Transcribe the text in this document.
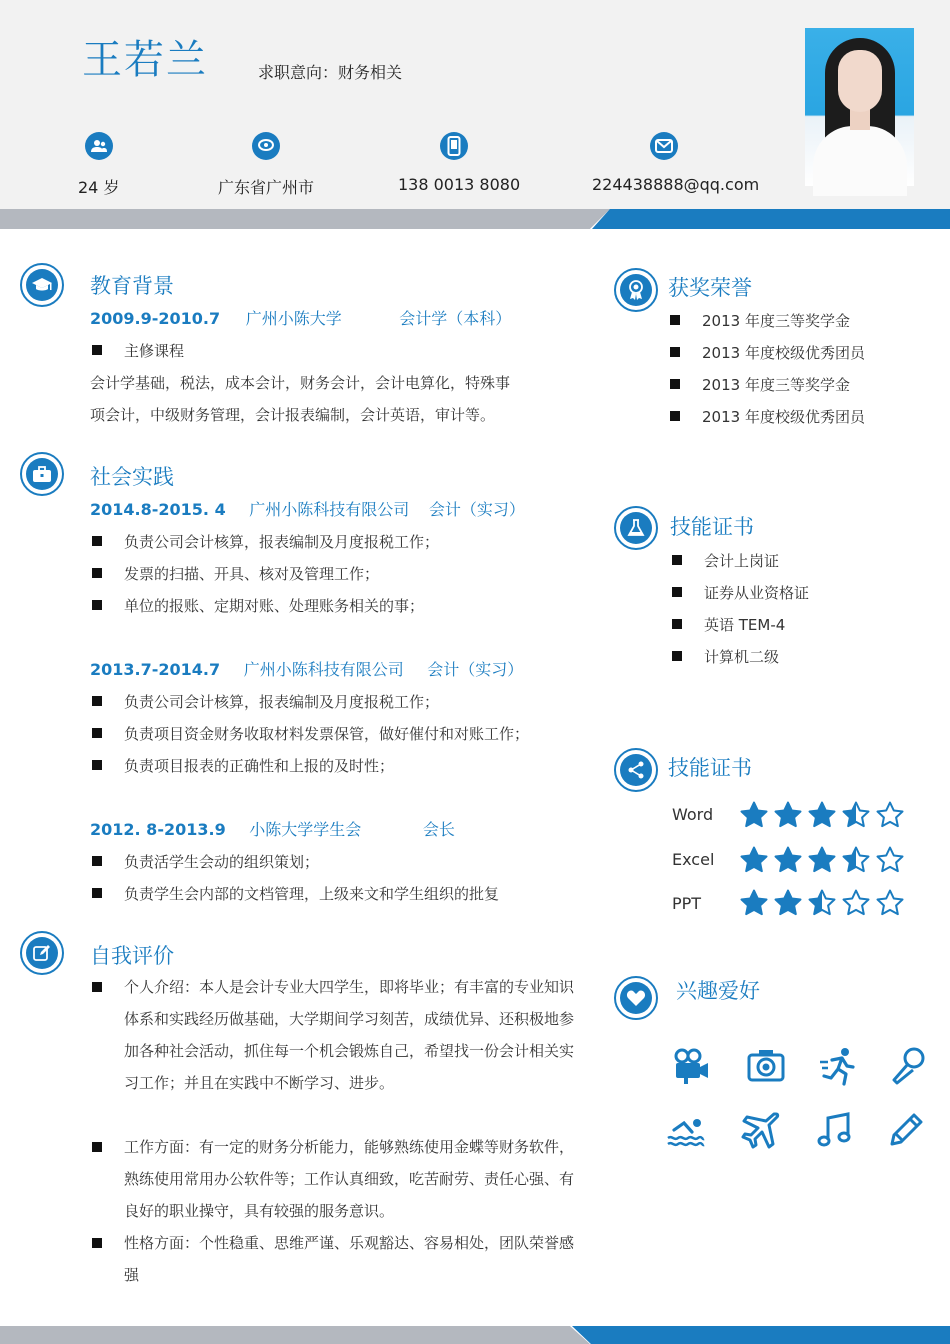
王若兰	求职意向：财务相关
24 岁	广东省广州市	138 0013 8080	224438888@qq.com
教育背景
2009.9-2010.7 广州小陈大学	会计学（本科）
主修课程
会计学基础，税法，成本会计，财务会计，会计电算化，特殊事
项会计，中级财务管理，会计报表编制，会计英语，审计等。
社会实践
2014.8-2015. 4 广州小陈科技有限公司 会计（实习）
负责公司会计核算，报表编制及月度报税工作；
发票的扫描、开具、核对及管理工作；
单位的报账、定期对账、处理账务相关的事；
2013.7-2014.7 广州小陈科技有限公司 会计（实习）
负责公司会计核算，报表编制及月度报税工作；
负责项目资金财务收取材料发票保管，做好催付和对账工作；
负责项目报表的正确性和上报的及时性；
2012. 8-2013.9 小陈大学学生会	会长
负责活学生会动的组织策划；
负责学生会内部的文档管理，上级来文和学生组织的批复
自我评价
个人介绍：本人是会计专业大四学生，即将毕业；有丰富的专业知识体系和实践经历做基础，大学期间学习刻苦，成绩优异、还积极地参加各种社会活动，抓住每一个机会锻炼自己，希望找一份会计相关实习工作；并且在实践中不断学习、进步。
工作方面：有一定的财务分析能力，能够熟练使用金蝶等财务软件，熟练使用常用办公软件等；工作认真细致，吃苦耐劳、责任心强、有良好的职业操守，具有较强的服务意识。
性格方面：个性稳重、思维严谨、乐观豁达、容易相处，团队荣誉感强
获奖荣誉
2013 年度三等奖学金
2013 年度校级优秀团员
2013 年度三等奖学金
2013 年度校级优秀团员
技能证书
会计上岗证
证券从业资格证
英语 TEM-4
计算机二级
技能证书
Word
Excel
PPT
兴趣爱好
